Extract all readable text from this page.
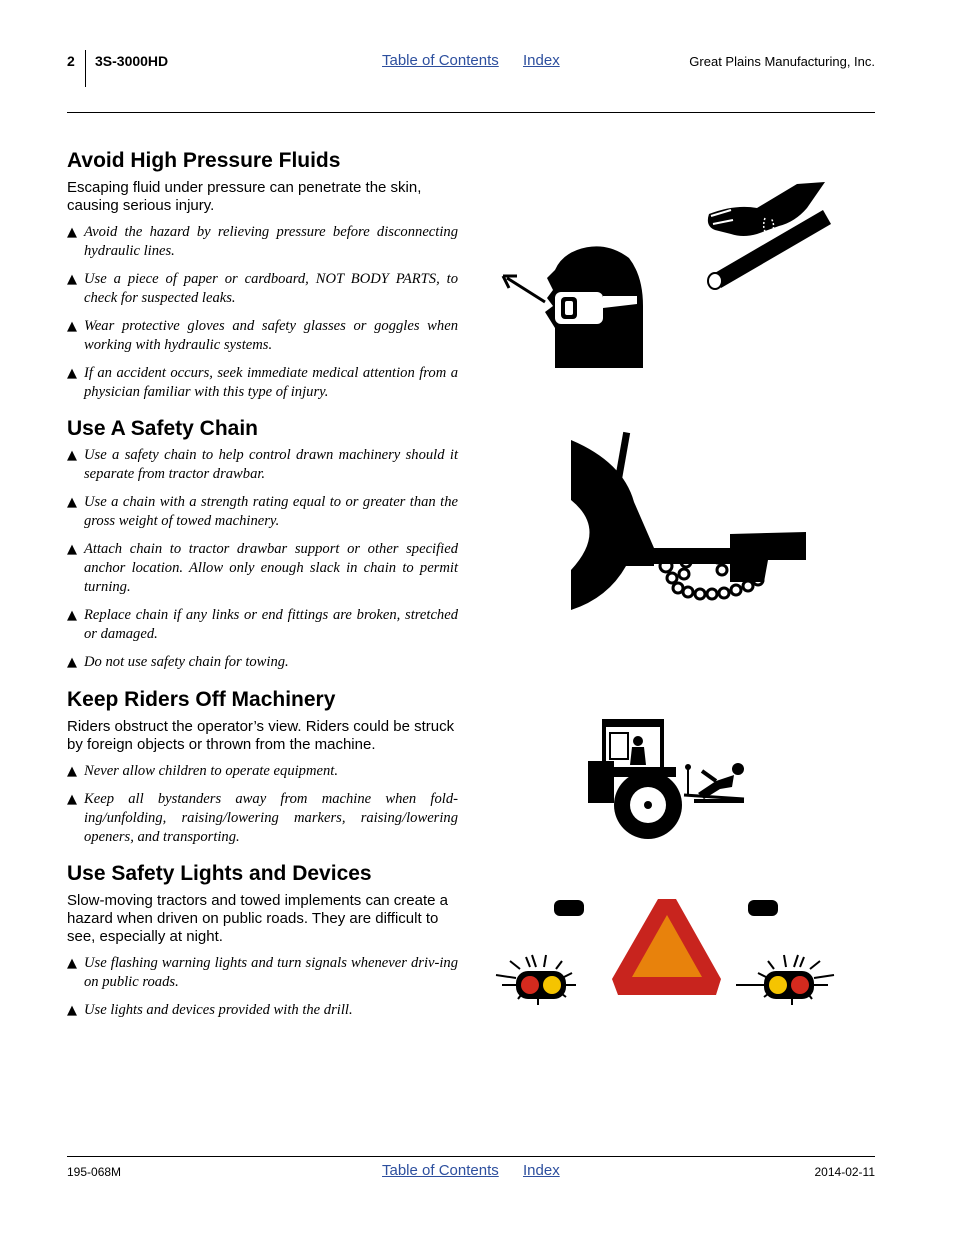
2 3S-3000HD	Table of Contents Index	Great Plains Manufacturing, Inc.
Avoid High Pressure Fluids

Escaping fluid under pressure can penetrate the skin, causing serious injury.

▲ Avoid the hazard by relieving pressure before disconnecting hydraulic lines.
▲ Use a piece of paper or cardboard, NOT BODY PARTS, to check for suspected leaks.
▲ Wear protective gloves and safety glasses or goggles when working with hydraulic systems.
▲ If an accident occurs, seek immediate medical attention from a physician familiar with this type of injury.
Use A Safety Chain
▲ Use a safety chain to help control drawn machinery should it separate from tractor drawbar.
▲ Use a chain with a strength rating equal to or greater than the gross weight of towed machinery.
▲ Attach chain to tractor drawbar support or other specified anchor location. Allow only enough slack in chain to permit turning.
▲ Replace chain if any links or end fittings are broken, stretched or damaged.
▲ Do not use safety chain for towing.
Keep Riders Off Machinery

Riders obstruct the operator’s view. Riders could be struck by foreign objects or thrown from the machine.

▲ Never allow children to operate equipment.
▲ Keep all bystanders away from machine when fold-ing/unfolding, raising/lowering markers, raising/lowering openers, and transporting.
Use Safety Lights and Devices

Slow-moving tractors and towed implements can create a hazard when driven on public roads. They are difficult to see, especially at night.

▲ Use flashing warning lights and turn signals whenever driv-ing on public roads.
▲ Use lights and devices provided with the drill.
195-068M	Table of Contents Index	2014-02-11
